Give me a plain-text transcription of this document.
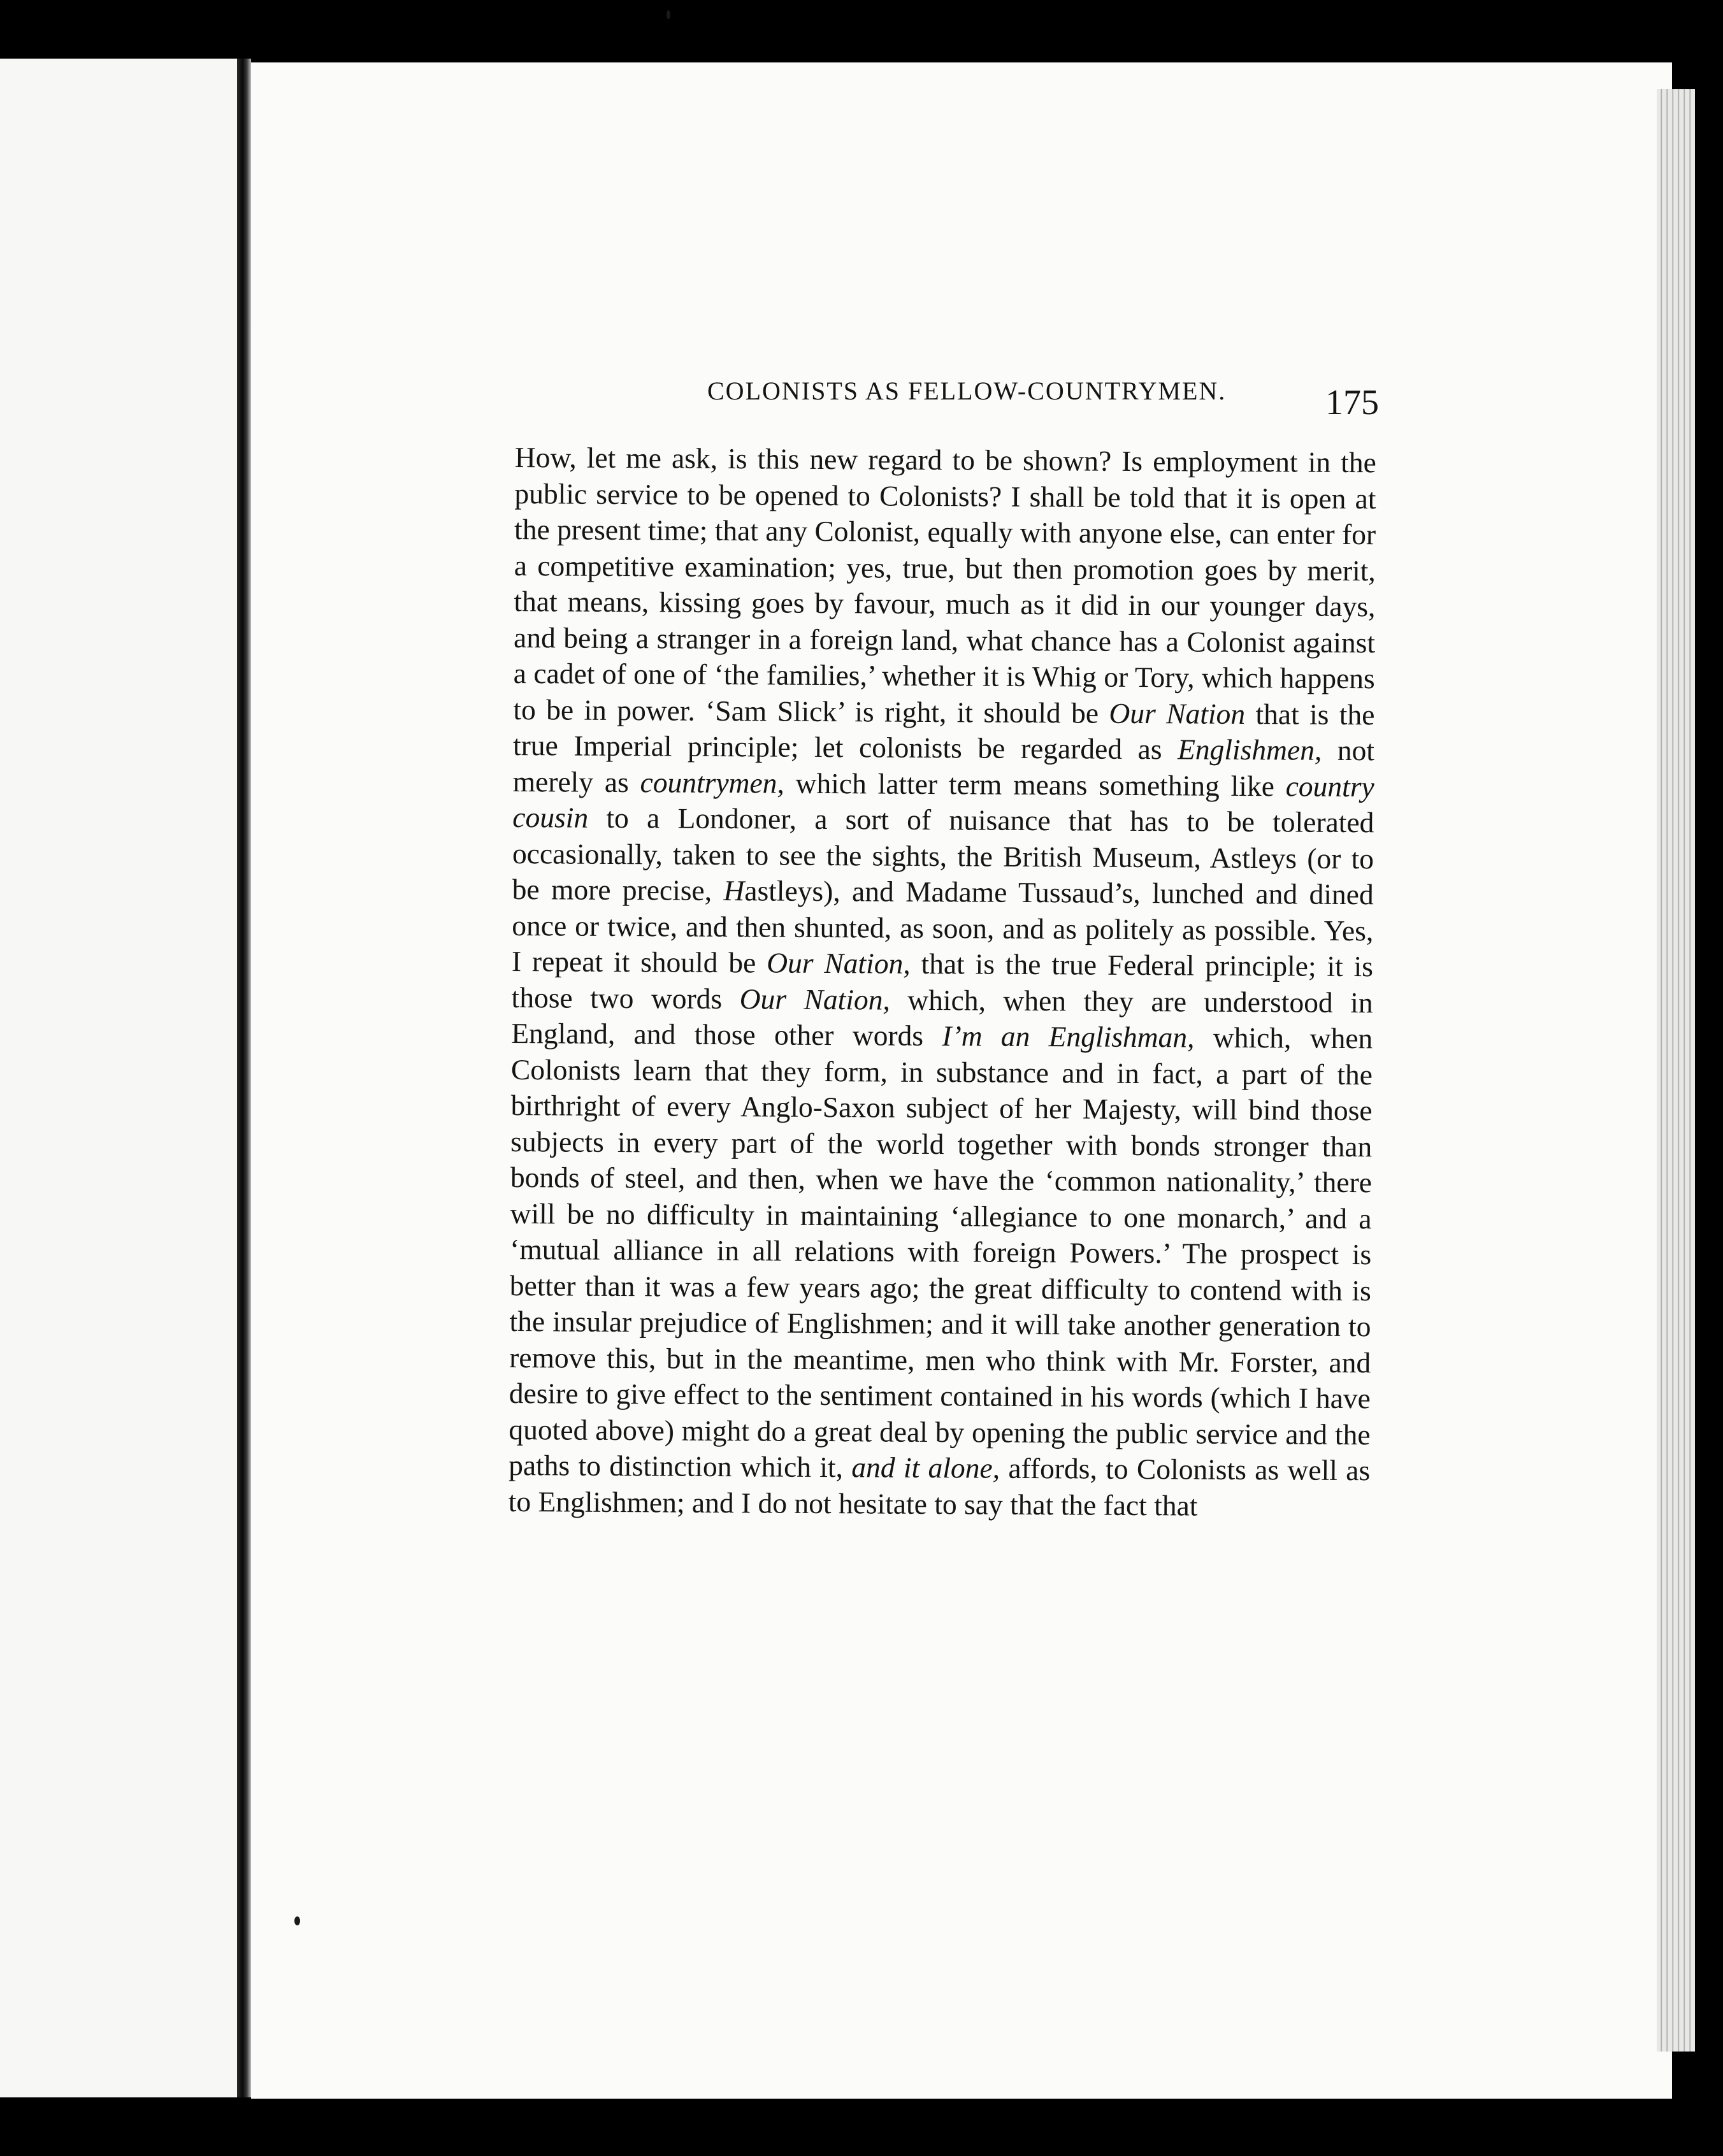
COLONISTS AS FELLOW-COUNTRYMEN.	175

How, let me ask, is this new regard to be shown? Is employment in the public service to be opened to Colonists? I shall be told that it is open at the present time; that any Colonist, equally with anyone else, can enter for a competitive examination; yes, true, but then promotion goes by merit, that means, kissing goes by favour, much as it did in our younger days, and being a stranger in a foreign land, what chance has a Colonist against a cadet of one of ‘the families,’ whether it is Whig or Tory, which happens to be in power. ‘Sam Slick’ is right, it should be Our Nation that is the true Imperial principle; let colonists be regarded as Englishmen, not merely as countrymen, which latter term means something like country cousin to a Londoner, a sort of nuisance that has to be tolerated occasionally, taken to see the sights, the British Museum, Astleys (or to be more precise, Hastleys), and Madame Tussaud’s, lunched and dined once or twice, and then shunted, as soon, and as politely as possible. Yes, I repeat it should be Our Nation, that is the true Federal principle; it is those two words Our Nation, which, when they are understood in England, and those other words I’m an Englishman, which, when Colonists learn that they form, in substance and in fact, a part of the birthright of every Anglo-Saxon subject of her Majesty, will bind those subjects in every part of the world together with bonds stronger than bonds of steel, and then, when we have the ‘common nationality,’ there will be no difficulty in maintaining ‘allegiance to one monarch,’ and a ‘mutual alliance in all relations with foreign Powers.’ The prospect is better than it was a few years ago; the great difficulty to contend with is the insular prejudice of Englishmen; and it will take another generation to remove this, but in the meantime, men who think with Mr. Forster, and desire to give effect to the sentiment contained in his words (which I have quoted above) might do a great deal by opening the public service and the paths to distinction which it, and it alone, affords, to Colonists as well as to Englishmen; and I do not hesitate to say that the fact that
